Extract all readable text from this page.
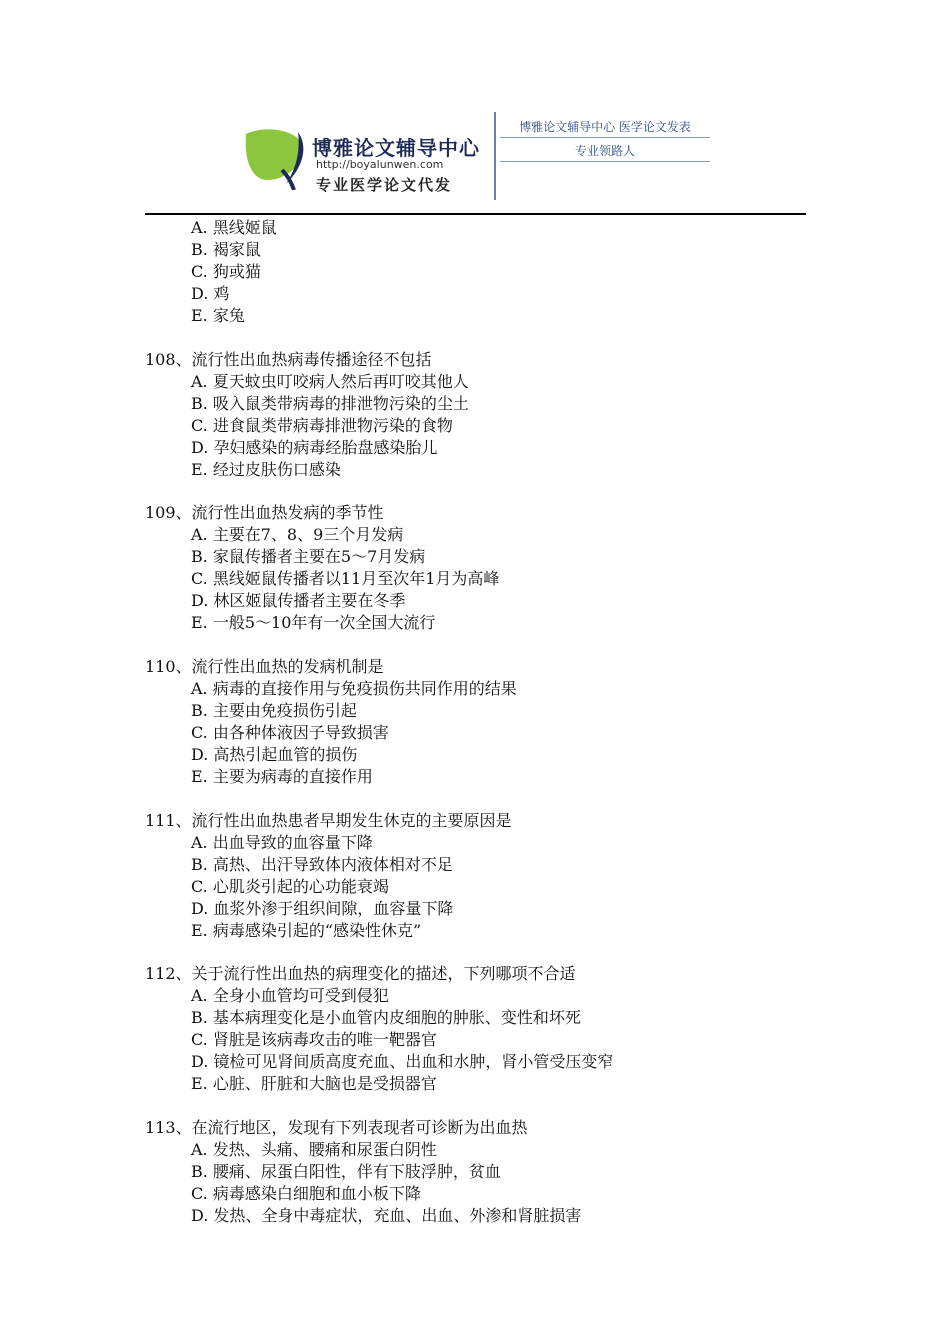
博雅论文辅导中心
http://boyalunwen.com
专业医学论文代发
博雅论文辅导中心 医学论文发表
专业领路人
A. 黑线姬鼠
B. 褐家鼠
C. 狗或猫
D. 鸡
E. 家兔
108、流行性出血热病毒传播途径不包括
A. 夏天蚊虫叮咬病人然后再叮咬其他人
B. 吸入鼠类带病毒的排泄物污染的尘土
C. 进食鼠类带病毒排泄物污染的食物
D. 孕妇感染的病毒经胎盘感染胎儿
E. 经过皮肤伤口感染
109、流行性出血热发病的季节性
A. 主要在7、8、9三个月发病
B. 家鼠传播者主要在5～7月发病
C. 黑线姬鼠传播者以11月至次年1月为高峰
D. 林区姬鼠传播者主要在冬季
E. 一般5～10年有一次全国大流行
110、流行性出血热的发病机制是
A. 病毒的直接作用与免疫损伤共同作用的结果
B. 主要由免疫损伤引起
C. 由各种体液因子导致损害
D. 高热引起血管的损伤
E. 主要为病毒的直接作用
111、流行性出血热患者早期发生休克的主要原因是
A. 出血导致的血容量下降
B. 高热、出汗导致体内液体相对不足
C. 心肌炎引起的心功能衰竭
D. 血浆外渗于组织间隙，血容量下降
E. 病毒感染引起的“感染性休克”
112、关于流行性出血热的病理变化的描述，下列哪项不合适
A. 全身小血管均可受到侵犯
B. 基本病理变化是小血管内皮细胞的肿胀、变性和坏死
C. 肾脏是该病毒攻击的唯一靶器官
D. 镜检可见肾间质高度充血、出血和水肿，肾小管受压变窄
E. 心脏、肝脏和大脑也是受损器官
113、在流行地区，发现有下列表现者可诊断为出血热
A. 发热、头痛、腰痛和尿蛋白阴性
B. 腰痛、尿蛋白阳性，伴有下肢浮肿，贫血
C. 病毒感染白细胞和血小板下降
D. 发热、全身中毒症状，充血、出血、外渗和肾脏损害
